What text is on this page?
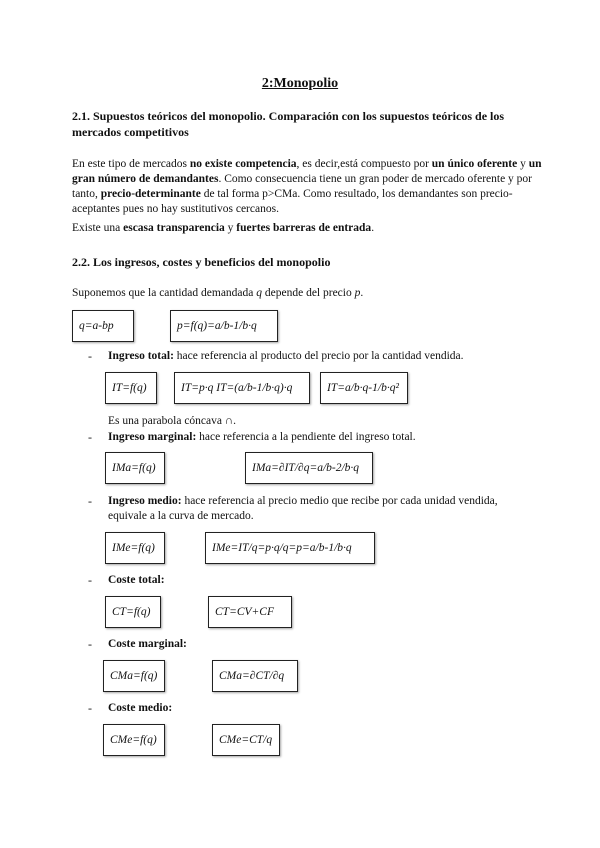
2:Monopolio
2.1. Supuestos teóricos del monopolio. Comparación con los supuestos teóricos de los mercados competitivos
En este tipo de mercados no existe competencia, es decir,está compuesto por un único oferente y un gran número de demandantes. Como consecuencia tiene un gran poder de mercado oferente y por tanto, precio-determinante de tal forma p>CMa. Como resultado, los demandantes son precio-aceptantes pues no hay sustitutivos cercanos.
Existe una escasa transparencia y fuertes barreras de entrada.
2.2. Los ingresos, costes y beneficios del monopolio
Suponemos que la cantidad demandada q depende del precio p.
q=a-bp	p=f(q)=a/b-1/b·q
- Ingreso total: hace referencia al producto del precio por la cantidad vendida.
IT=f(q)	IT=p·q IT=(a/b-1/b·q)·q	IT=a/b·q-1/b·q²
Es una parabola cóncava ∩.
- Ingreso marginal: hace referencia a la pendiente del ingreso total.
IMa=f(q)	IMa=∂IT/∂q=a/b-2/b·q
- Ingreso medio: hace referencia al precio medio que recibe por cada unidad vendida, equivale a la curva de mercado.
IMe=f(q)	IMe=IT/q=p·q/q=p=a/b-1/b·q
- Coste total:
CT=f(q)	CT=CV+CF
- Coste marginal:
CMa=f(q)	CMa=∂CT/∂q
- Coste medio:
CMe=f(q)	CMe=CT/q
